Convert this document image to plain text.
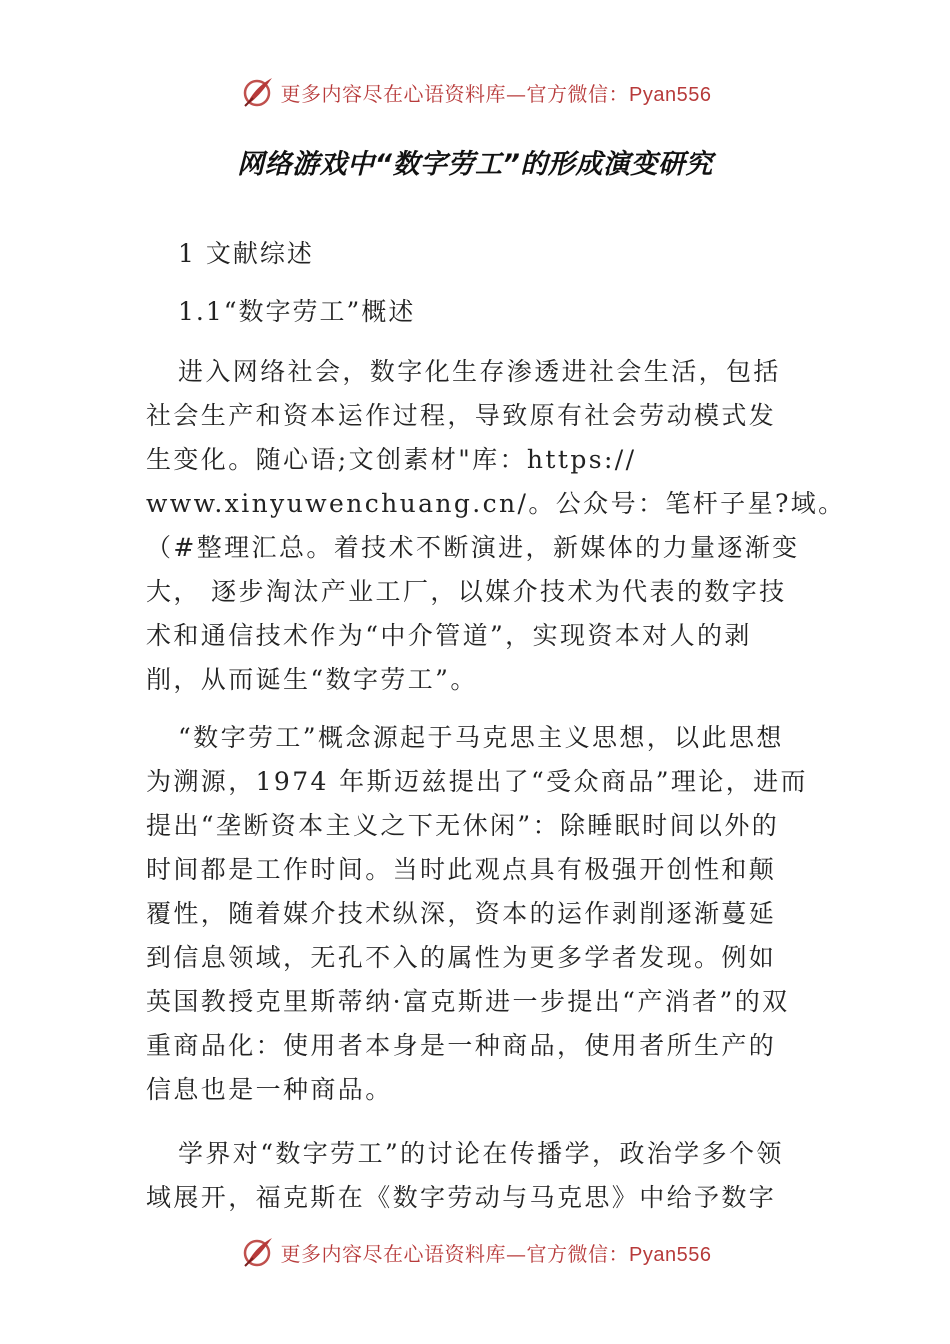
更多内容尽在心语资料库—官方微信：Pyan556
网络游戏中“数字劳工”的形成演变研究
1 文献综述
1.1“数字劳工”概述
进入网络社会，数字化生存渗透进社会生活，包括
社会生产和资本运作过程，导致原有社会劳动模式发
生变化。随心语;文创素材"库：https://
www.xinyuwenchuang.cn/。公众号：笔杆子星?域。
（#整理汇总。着技术不断演进，新媒体的力量逐渐变
大， 逐步淘汰产业工厂，以媒介技术为代表的数字技
术和通信技术作为“中介管道”，实现资本对人的剥
削，从而诞生“数字劳工”。
“数字劳工”概念源起于马克思主义思想，以此思想
为溯源，1974 年斯迈兹提出了“受众商品”理论，进而
提出“垄断资本主义之下无休闲”：除睡眠时间以外的
时间都是工作时间。当时此观点具有极强开创性和颠
覆性，随着媒介技术纵深，资本的运作剥削逐渐蔓延
到信息领域，无孔不入的属性为更多学者发现。例如
英国教授克里斯蒂纳·富克斯进一步提出“产消者”的双
重商品化：使用者本身是一种商品，使用者所生产的
信息也是一种商品。
学界对“数字劳工”的讨论在传播学，政治学多个领
域展开，福克斯在《数字劳动与马克思》中给予数字
更多内容尽在心语资料库—官方微信：Pyan556
